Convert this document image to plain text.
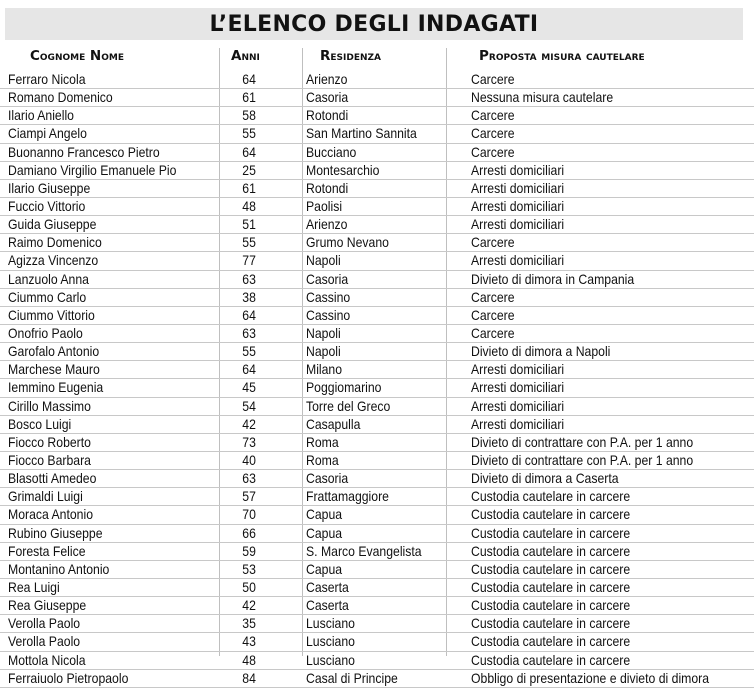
L’ELENCO DEGLI INDAGATI
Cognome Nome	Anni	Residenza	Proposta misura cautelare
Ferraro Nicola	64	Arienzo	Carcere
Romano Domenico	61	Casoria	Nessuna misura cautelare
Ilario Aniello	58	Rotondi	Carcere
Ciampi Angelo	55	San Martino Sannita	Carcere
Buonanno Francesco Pietro	64	Bucciano	Carcere
Damiano Virgilio Emanuele Pio	25	Montesarchio	Arresti domiciliari
Ilario Giuseppe	61	Rotondi	Arresti domiciliari
Fuccio Vittorio	48	Paolisi	Arresti domiciliari
Guida Giuseppe	51	Arienzo	Arresti domiciliari
Raimo Domenico	55	Grumo Nevano	Carcere
Agizza Vincenzo	77	Napoli	Arresti domiciliari
Lanzuolo Anna	63	Casoria	Divieto di dimora in Campania
Ciummo Carlo	38	Cassino	Carcere
Ciummo Vittorio	64	Cassino	Carcere
Onofrio Paolo	63	Napoli	Carcere
Garofalo Antonio	55	Napoli	Divieto di dimora a Napoli
Marchese Mauro	64	Milano	Arresti domiciliari
Iemmino Eugenia	45	Poggiomarino	Arresti domiciliari
Cirillo Massimo	54	Torre del Greco	Arresti domiciliari
Bosco Luigi	42	Casapulla	Arresti domiciliari
Fiocco Roberto	73	Roma	Divieto di contrattare con P.A. per 1 anno
Fiocco Barbara	40	Roma	Divieto di contrattare con P.A. per 1 anno
Blasotti Amedeo	63	Casoria	Divieto di dimora a Caserta
Grimaldi Luigi	57	Frattamaggiore	Custodia cautelare in carcere
Moraca Antonio	70	Capua	Custodia cautelare in carcere
Rubino Giuseppe	66	Capua	Custodia cautelare in carcere
Foresta Felice	59	S. Marco Evangelista	Custodia cautelare in carcere
Montanino Antonio	53	Capua	Custodia cautelare in carcere
Rea Luigi	50	Caserta	Custodia cautelare in carcere
Rea Giuseppe	42	Caserta	Custodia cautelare in carcere
Verolla Paolo	35	Lusciano	Custodia cautelare in carcere
Verolla Paolo	43	Lusciano	Custodia cautelare in carcere
Mottola Nicola	48	Lusciano	Custodia cautelare in carcere
Ferraiuolo Pietropaolo	84	Casal di Principe	Obbligo di presentazione e divieto di dimora
